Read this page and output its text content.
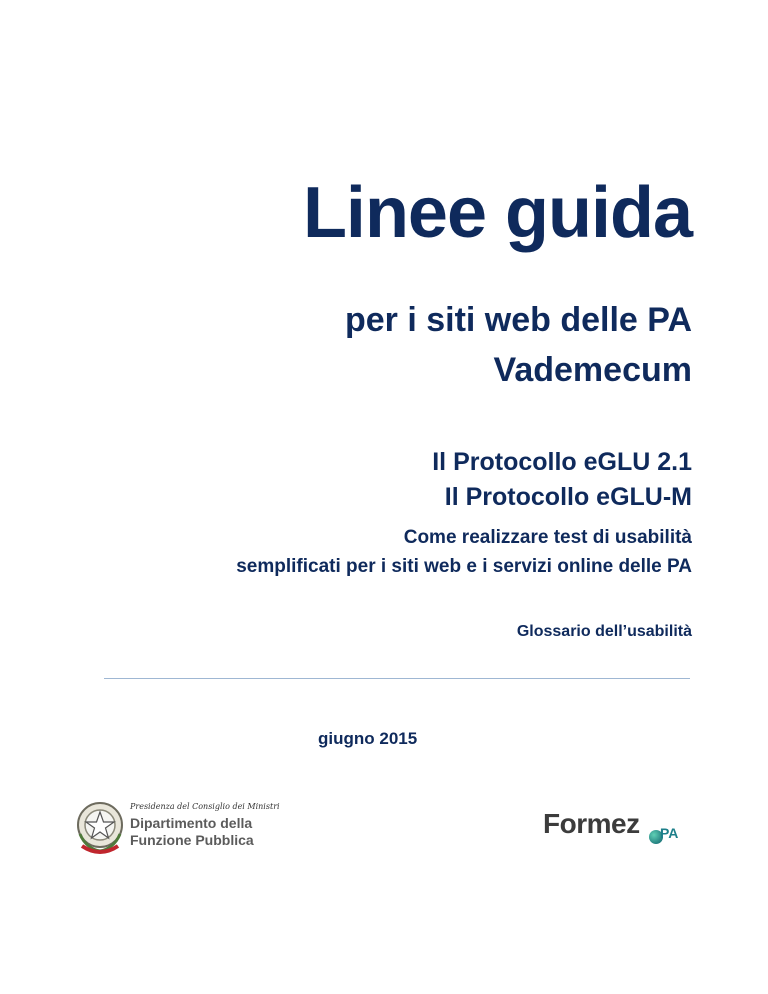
Linee guida
per i siti web delle PA
Vademecum
Il Protocollo eGLU 2.1
Il Protocollo eGLU-M
Come realizzare test di usabilità
semplificati per i siti web e i servizi online delle PA
Glossario dell’usabilità
giugno 2015
Presidenza del Consiglio dei Ministri
Dipartimento della
Funzione Pubblica
Formez PA
